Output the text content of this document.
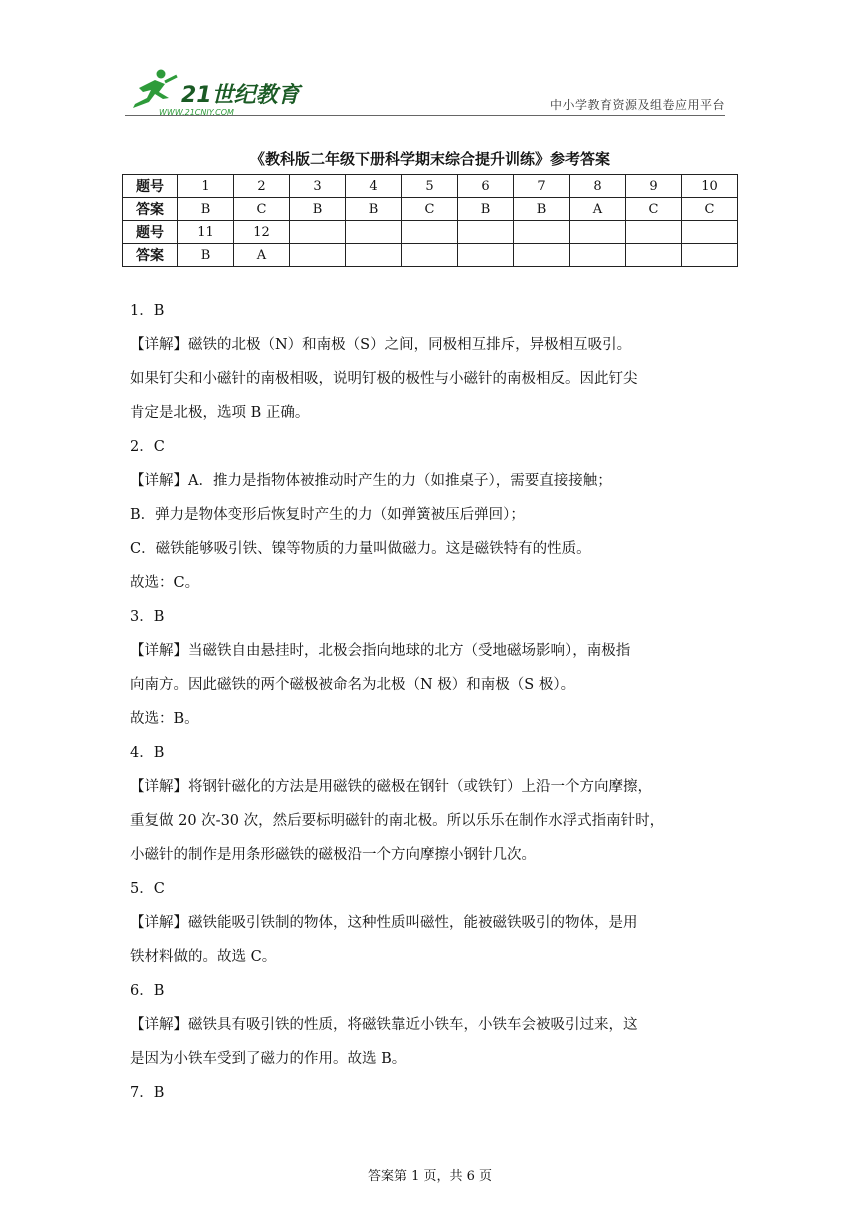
21世纪教育
WWW.21CNJY.COM
中小学教育资源及组卷应用平台
《教科版二年级下册科学期末综合提升训练》参考答案
题号	1	2	3	4	5	6	7	8	9	10
答案	B	C	B	B	C	B	B	A	C	C
题号	11	12								
答案	B	A								

1．B

【详解】磁铁的北极（N）和南极（S）之间，同极相互排斥，异极相互吸引。

如果钉尖和小磁针的南极相吸，说明钉极的极性与小磁针的南极相反。因此钉尖

肯定是北极，选项 B 正确。

2．C

【详解】A．推力是指物体被推动时产生的力（如推桌子），需要直接接触；

B．弹力是物体变形后恢复时产生的力（如弹簧被压后弹回）；

C．磁铁能够吸引铁、镍等物质的力量叫做磁力。这是磁铁特有的性质。

故选：C。

3．B

【详解】当磁铁自由悬挂时，北极会指向地球的北方（受地磁场影响），南极指

向南方。因此磁铁的两个磁极被命名为北极（N 极）和南极（S 极）。

故选：B。

4．B

【详解】将钢针磁化的方法是用磁铁的磁极在钢针（或铁钉）上沿一个方向摩擦，

重复做 20 次-30 次，然后要标明磁针的南北极。所以乐乐在制作水浮式指南针时，

小磁针的制作是用条形磁铁的磁极沿一个方向摩擦小钢针几次。

5．C

【详解】磁铁能吸引铁制的物体，这种性质叫磁性，能被磁铁吸引的物体，是用

铁材料做的。故选 C。

6．B

【详解】磁铁具有吸引铁的性质，将磁铁靠近小铁车，小铁车会被吸引过来，这

是因为小铁车受到了磁力的作用。故选 B。

7．B

答案第 1 页，共 6 页
